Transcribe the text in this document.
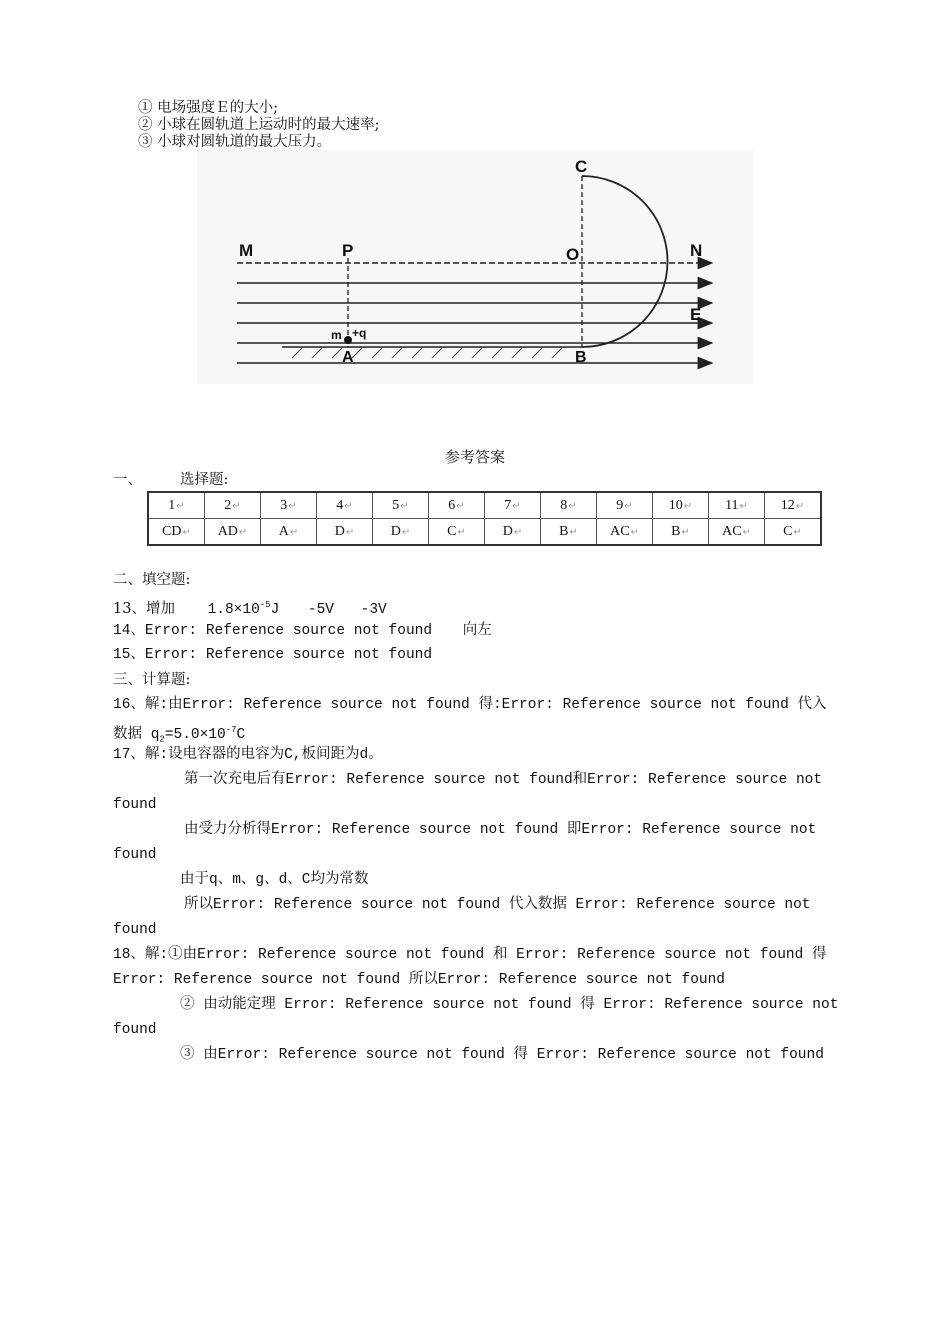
① 电场强度Ｅ的大小;
② 小球在圆轨道上运动时的最大速率;
③ 小球对圆轨道的最大压力。
C
M	P	O	N
E
m +q
A	B
参考答案
一、	选择题:
1↵	2↵	3↵	4↵	5↵	6↵	7↵	8↵	9↵	10↵	11↵	12↵
CD↵	AD↵	A↵	D↵	D↵	C↵	D↵	B↵	AC↵	B↵	AC↵	C↵
二、填空题:
13、增加 $1.8\times 10^{-5}J$ -5V -3V
14、Error: Reference source not found 向左
15、Error: Reference source not found
三、计算题:
16、解:由Error: Reference source not found 得:Error: Reference source not found 代入
数据 $q_2=5.0\times 10^{-7}C$
17、解:设电容器的电容为C,板间距为d。
第一次充电后有Error: Reference source not found和Error: Reference source not
found
由受力分析得Error: Reference source not found 即Error: Reference source not
found
由于q、m、g、d、C均为常数
所以Error: Reference source not found 代入数据 Error: Reference source not
found
18、解:①由Error: Reference source not found 和 Error: Reference source not found 得
Error: Reference source not found 所以Error: Reference source not found
② 由动能定理 Error: Reference source not found 得 Error: Reference source not
found
③ 由Error: Reference source not found 得 Error: Reference source not found
